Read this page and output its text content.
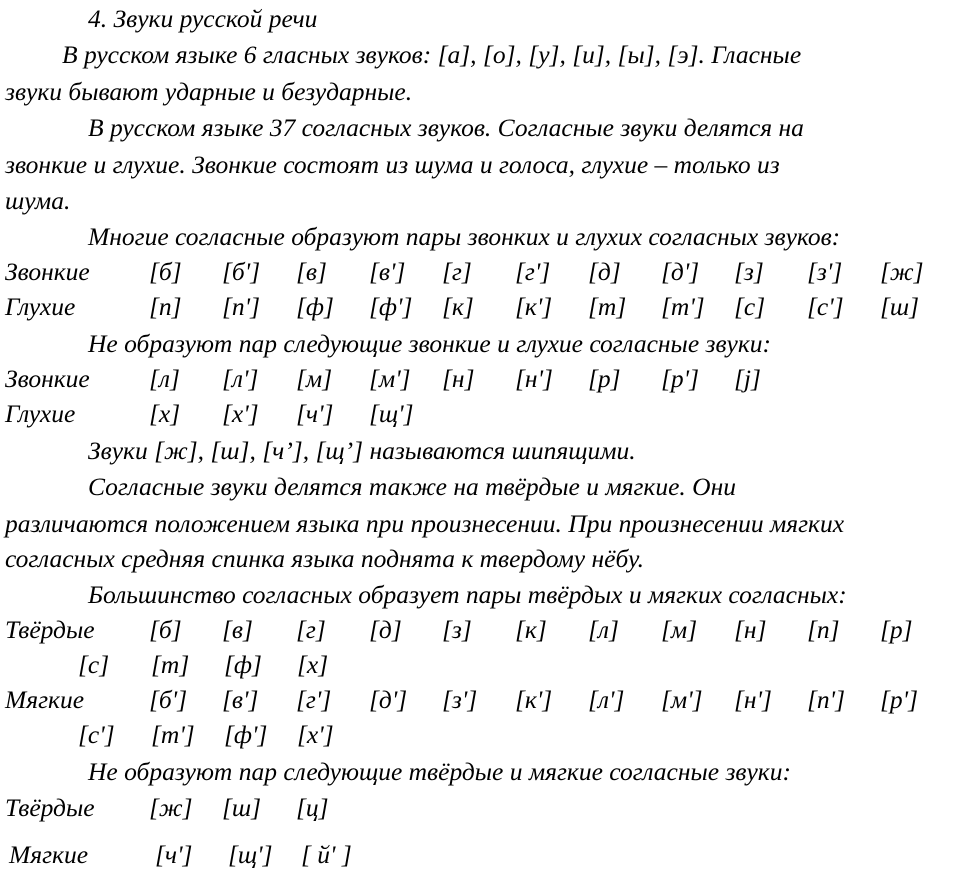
4. Звуки русской речи
В русском языке 6 гласных звуков: [а], [о], [у], [и], [ы], [э]. Гласные
звуки бывают ударные и безударные.
В русском языке 37 согласных звуков. Согласные звуки делятся на
звонкие и глухие. Звонкие состоят из шума и голоса, глухие – только из
шума.
Многие согласные образуют пары звонких и глухих согласных звуков:
Звонкие [б] [б'] [в] [в'] [г] [г'] [д] [д'] [з] [з'] [ж]
Глухие	[п] [п'] [ф] [ф'] [к] [к'] [т] [т'] [с] [с'] [ш]
Не образуют пар следующие звонкие и глухие согласные звуки:
Звонкие [л] [л'] [м] [м'] [н] [н'] [р] [р'] [j]
Глухие	[х] [х'] [ч'] [щ']
Звуки [ж], [ш], [ч’], [щ’] называются шипящими.
Согласные звуки делятся также на твёрдые и мягкие. Они
различаются положением языка при произнесении. При произнесении мягких
согласных средняя спинка языка поднята к твердому нёбу.
Большинство согласных образует пары твёрдых и мягких согласных:
Твёрдые [б] [в] [г] [д] [з] [к] [л] [м] [н] [п] [р]
[с] [т] [ф] [х]
Мягкие	[б'] [в'] [г'] [д'] [з'] [к'] [л'] [м'] [н'] [п'] [р']
[с'] [т'] [ф'] [х']
Не образуют пар следующие твёрдые и мягкие согласные звуки:
Твёрдые [ж] [ш] [ц]
Мягкие	[ч'] [щ'] [ й' ]
